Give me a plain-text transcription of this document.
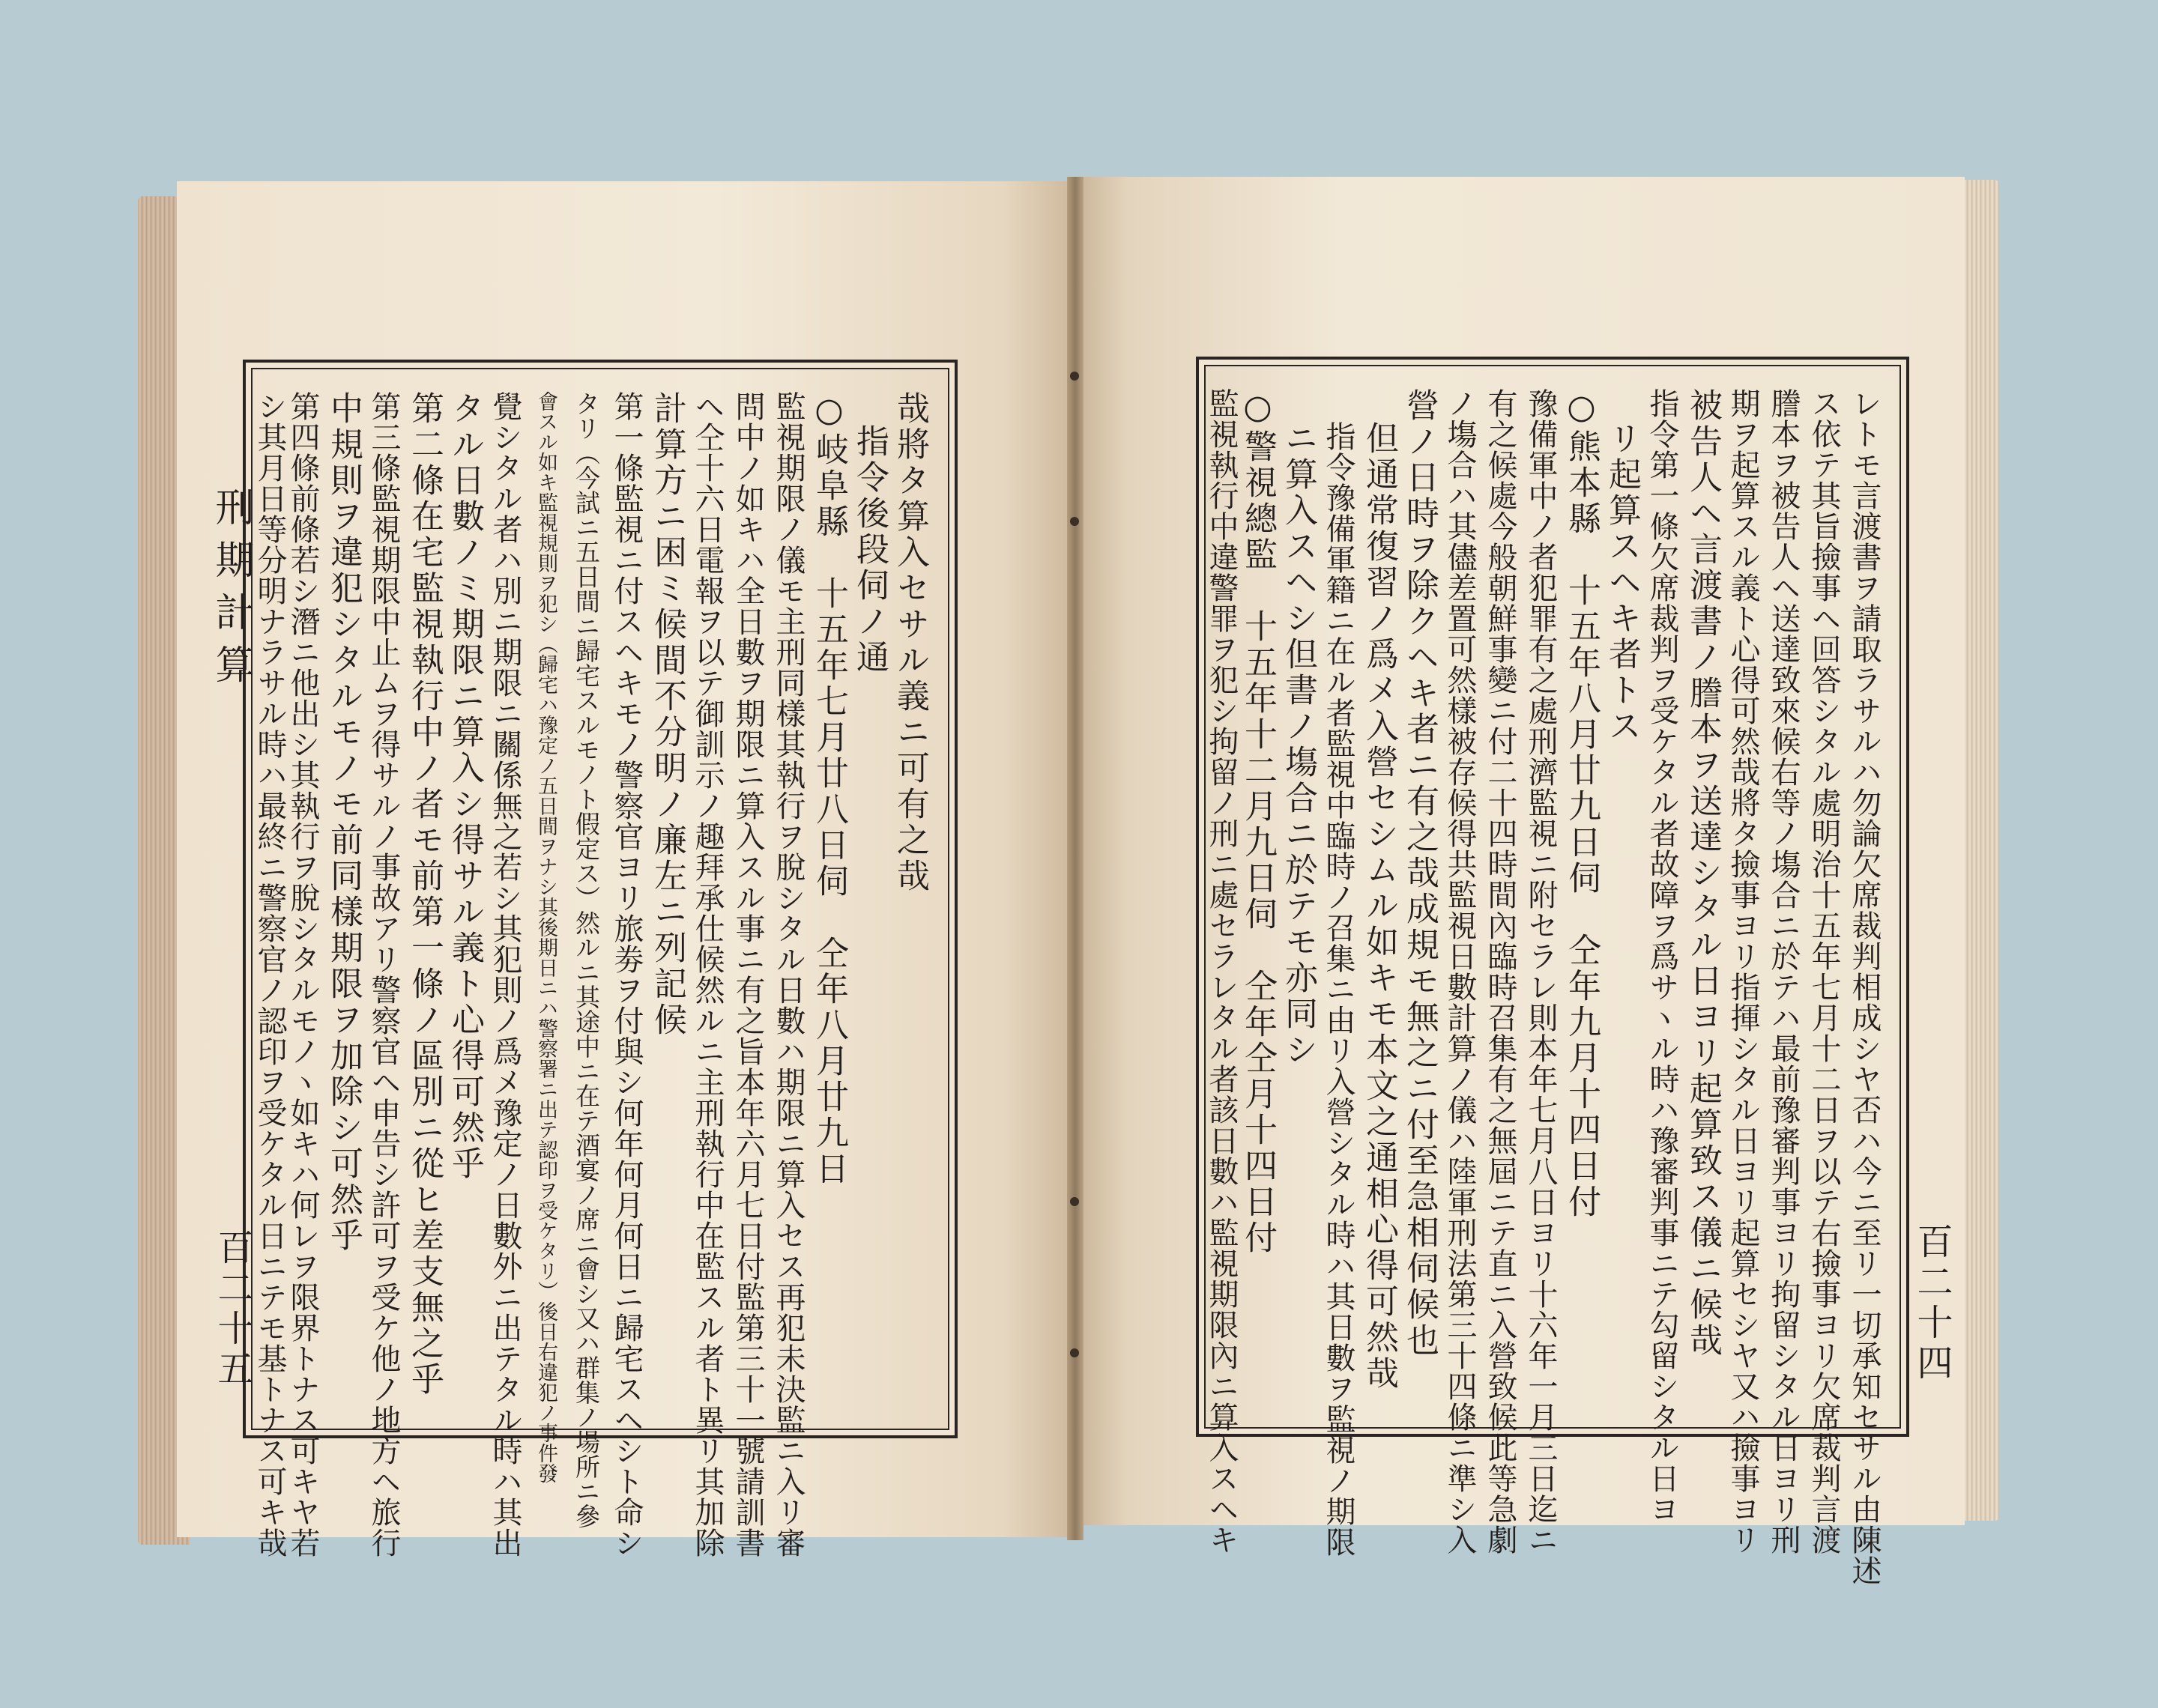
刑期計算
百二十五
哉將タ算入セサル義ニ可有之哉
指令後段伺ノ通
○岐阜縣　十五年七月廿八日伺　仝年八月廿九日
監視期限ノ儀モ主刑同樣其執行ヲ脫シタル日數ハ期限ニ算入セス再犯未決監ニ入リ審
問中ノ如キハ全日數ヲ期限ニ算入スル事ニ有之旨本年六月七日付監第三十一號請訓書
ヘ仝十六日電報ヲ以テ御訓示ノ趣拜承仕候然ルニ主刑執行中在監スル者ト異リ其加除
計算方ニ困ミ候間不分明ノ廉左ニ列記候
第一條監視ニ付スヘキモノ警察官ヨリ旅劵ヲ付與シ何年何月何日ニ歸宅スヘシト命シ
タリ（今試ニ五日間ニ歸宅スルモノト假定ス）然ルニ其途中ニ在テ酒宴ノ席ニ會シ又ハ群集ノ場所ニ參
會スル如キ監視規則ヲ犯シ（歸宅ハ豫定ノ五日間ヲナシ其後期日ニハ警察署ニ出テ認印ヲ受ケタリ）後日右違犯ノ事件發
覺シタル者ハ別ニ期限ニ關係無之若シ其犯則ノ爲メ豫定ノ日數外ニ出テタル時ハ其出
タル日數ノミ期限ニ算入シ得サル義ト心得可然乎
第二條在宅監視執行中ノ者モ前第一條ノ區別ニ從ヒ差支無之乎
第三條監視期限中止ムヲ得サルノ事故アリ警察官ヘ申告シ許可ヲ受ケ他ノ地方ヘ旅行
中規則ヲ違犯シタルモノモ前同樣期限ヲ加除シ可然乎
第四條前條若シ潛ニ他出シ其執行ヲ脫シタルモノヽ如キハ何レヲ限界トナス可キヤ若
シ其月日等分明ナラサル時ハ最終ニ警察官ノ認印ヲ受ケタル日ニテモ基トナス可キ哉	百二十四
レトモ言渡書ヲ請取ラサルハ勿論欠席裁判相成シヤ否ハ今ニ至リ一切承知セサル由陳述
ス依テ其旨撿事ヘ回答シタル處明治十五年七月十二日ヲ以テ右撿事ヨリ欠席裁判言渡
謄本ヲ被告人ヘ送達致來候右等ノ塲合ニ於テハ最前豫審判事ヨリ拘留シタル日ヨリ刑
期ヲ起算スル義ト心得可然哉將タ撿事ヨリ指揮シタル日ヨリ起算セシヤ又ハ撿事ヨリ
被告人ヘ言渡書ノ謄本ヲ送達シタル日ヨリ起算致ス儀ニ候哉
指令第一條欠席裁判ヲ受ケタル者故障ヲ爲サヽル時ハ豫審判事ニテ勾留シタル日ヨ
リ起算スヘキ者トス
○熊本縣　十五年八月廿九日伺　仝年九月十四日付
豫備軍中ノ者犯罪有之處刑濟監視ニ附セラレ則本年七月八日ヨリ十六年一月三日迄ニ
有之候處今般朝鮮事變ニ付二十四時間內臨時召集有之無屆ニテ直ニ入營致候此等急劇
ノ塲合ハ其儘差置可然樣被存候得共監視日數計算ノ儀ハ陸軍刑法第三十四條ニ準シ入
營ノ日時ヲ除クヘキ者ニ有之哉成規モ無之ニ付至急相伺候也
但通常復習ノ爲メ入營セシムル如キモ本文之通相心得可然哉
指令豫備軍籍ニ在ル者監視中臨時ノ召集ニ由リ入營シタル時ハ其日數ヲ監視ノ期限
ニ算入スヘシ但書ノ塲合ニ於テモ亦同シ
○警視總監　十五年十二月九日伺　仝年仝月十四日付
監視執行中違警罪ヲ犯シ拘留ノ刑ニ處セラレタル者該日數ハ監視期限內ニ算入スヘキ
